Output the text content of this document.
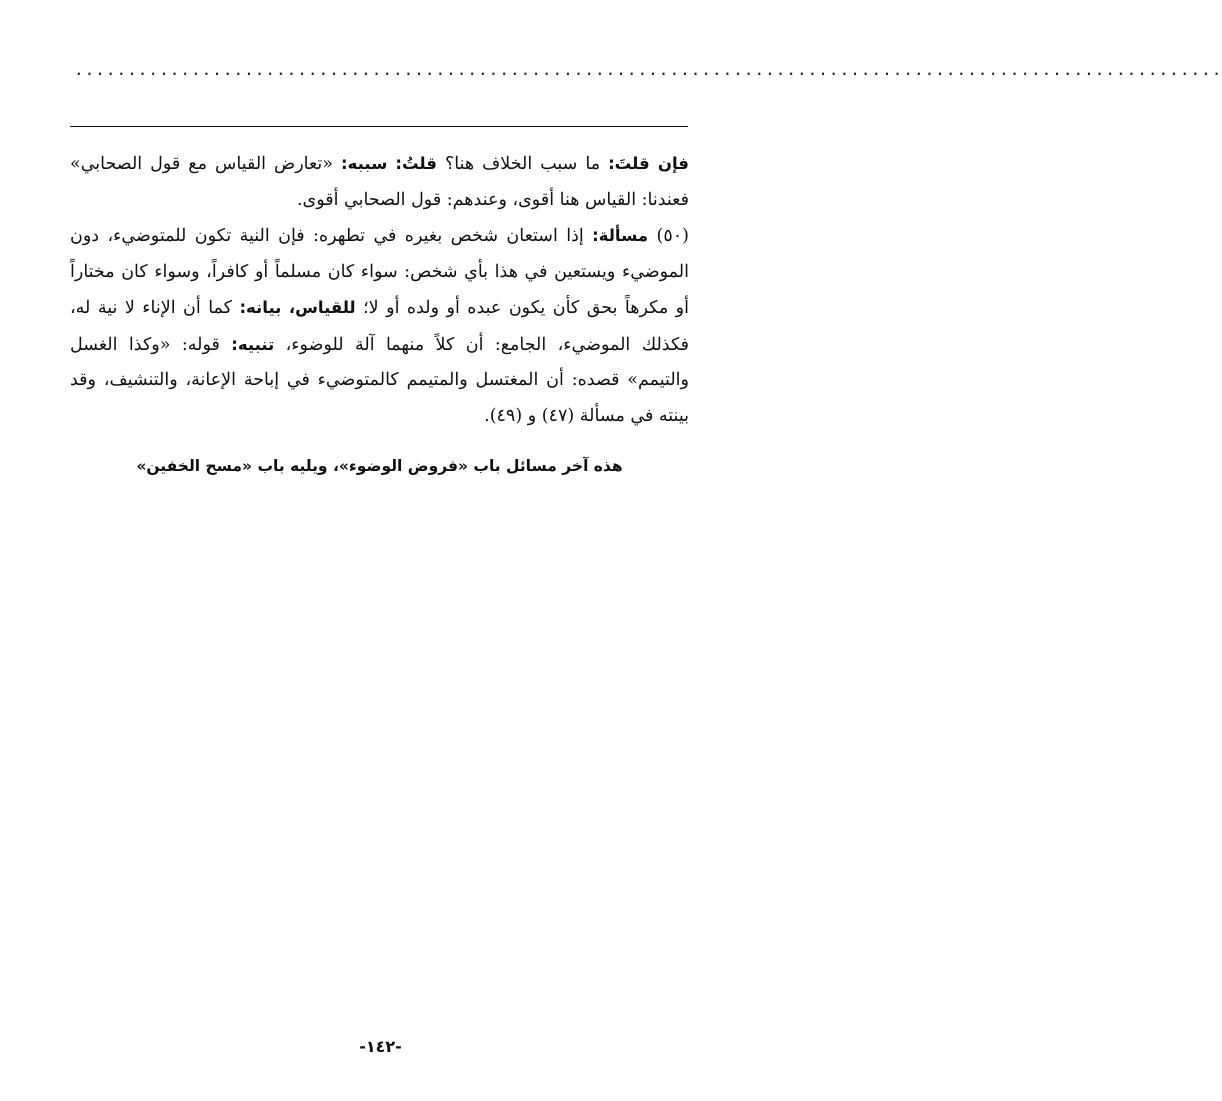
............................................................................................................

فإن قلتَ: ما سبب الخلاف هنا؟ قلتُ: سببه: «تعارض القياس مع قول الصحابي» فعندنا: القياس هنا أقوى، وعندهم: قول الصحابي أقوى.

(٥٠) مسألة: إذا استعان شخص بغيره في تطهره: فإن النية تكون للمتوضيء، دون الموضيء ويستعين في هذا بأي شخص: سواء كان مسلماً أو كافراً، وسواء كان مختاراً أو مكرهاً بحق كأن يكون عبده أو ولده أو لا؛ للقياس، بيانه: كما أن الإناء لا نية له، فكذلك الموضيء، الجامع: أن كلاً منهما آلة للوضوء، تنبيه: قوله: «وكذا الغسل والتيمم» قصده: أن المغتسل والمتيمم كالمتوضيء في إباحة الإعانة، والتنشيف، وقد بينته في مسألة (٤٧) و (٤٩).

هذه آخر مسائل باب «فروض الوضوء»، ويليه باب «مسح الخفين»
-١٤٢-
